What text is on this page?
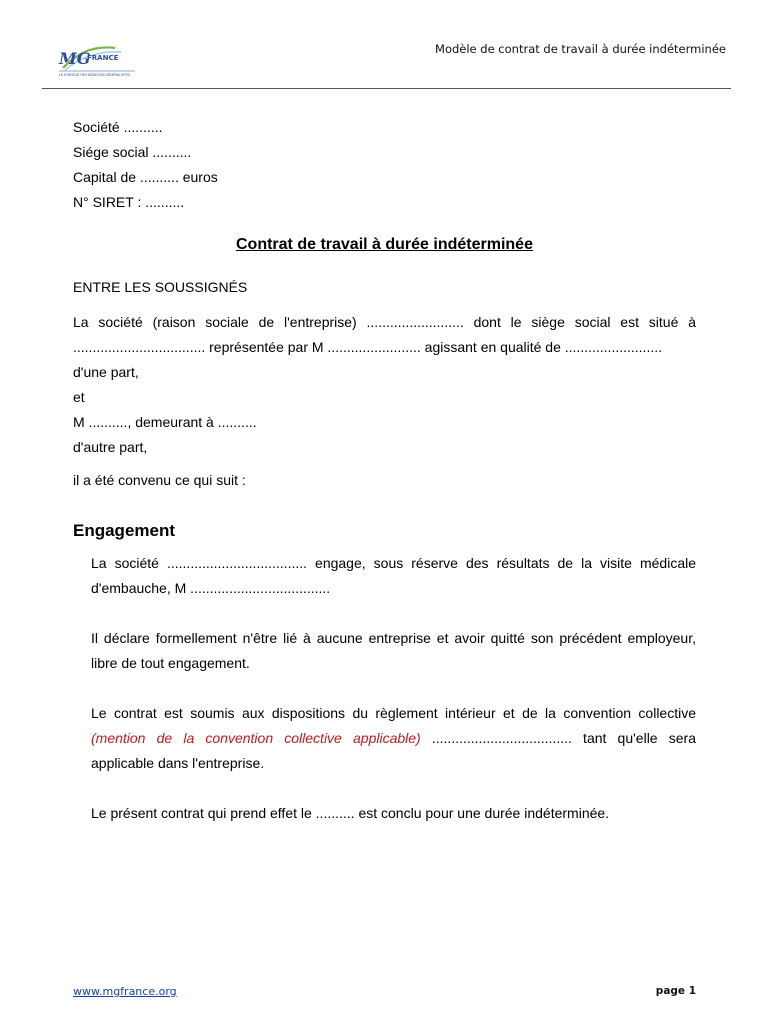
MG
FRANCE
LE SYNDICAT DES MÉDECINS GÉNÉRALISTES
Modèle de contrat de travail à durée indéterminée

Société ..........

Siége social ..........

Capital de .......... euros

N° SIRET : ..........

Contrat de travail à durée indéterminée

ENTRE LES SOUSSIGNÉS

La société (raison sociale de l'entreprise) ......................... dont le siège social est situé à .................................. représentée par M ........................ agissant en qualité de .........................

d'une part,

et

M .........., demeurant à ..........

d'autre part,

il a été convenu ce qui suit :

Engagement

La société .................................... engage, sous réserve des résultats de la visite médicale d'embauche, M ....................................

Il déclare formellement n'être lié à aucune entreprise et avoir quitté son précédent employeur, libre de tout engagement.

Le contrat est soumis aux dispositions du règlement intérieur et de la convention collective (mention de la convention collective applicable) .................................... tant qu'elle sera applicable dans l'entreprise.

Le présent contrat qui prend effet le .......... est conclu pour une durée indéterminée.

www.mgfrance.org	page 1
